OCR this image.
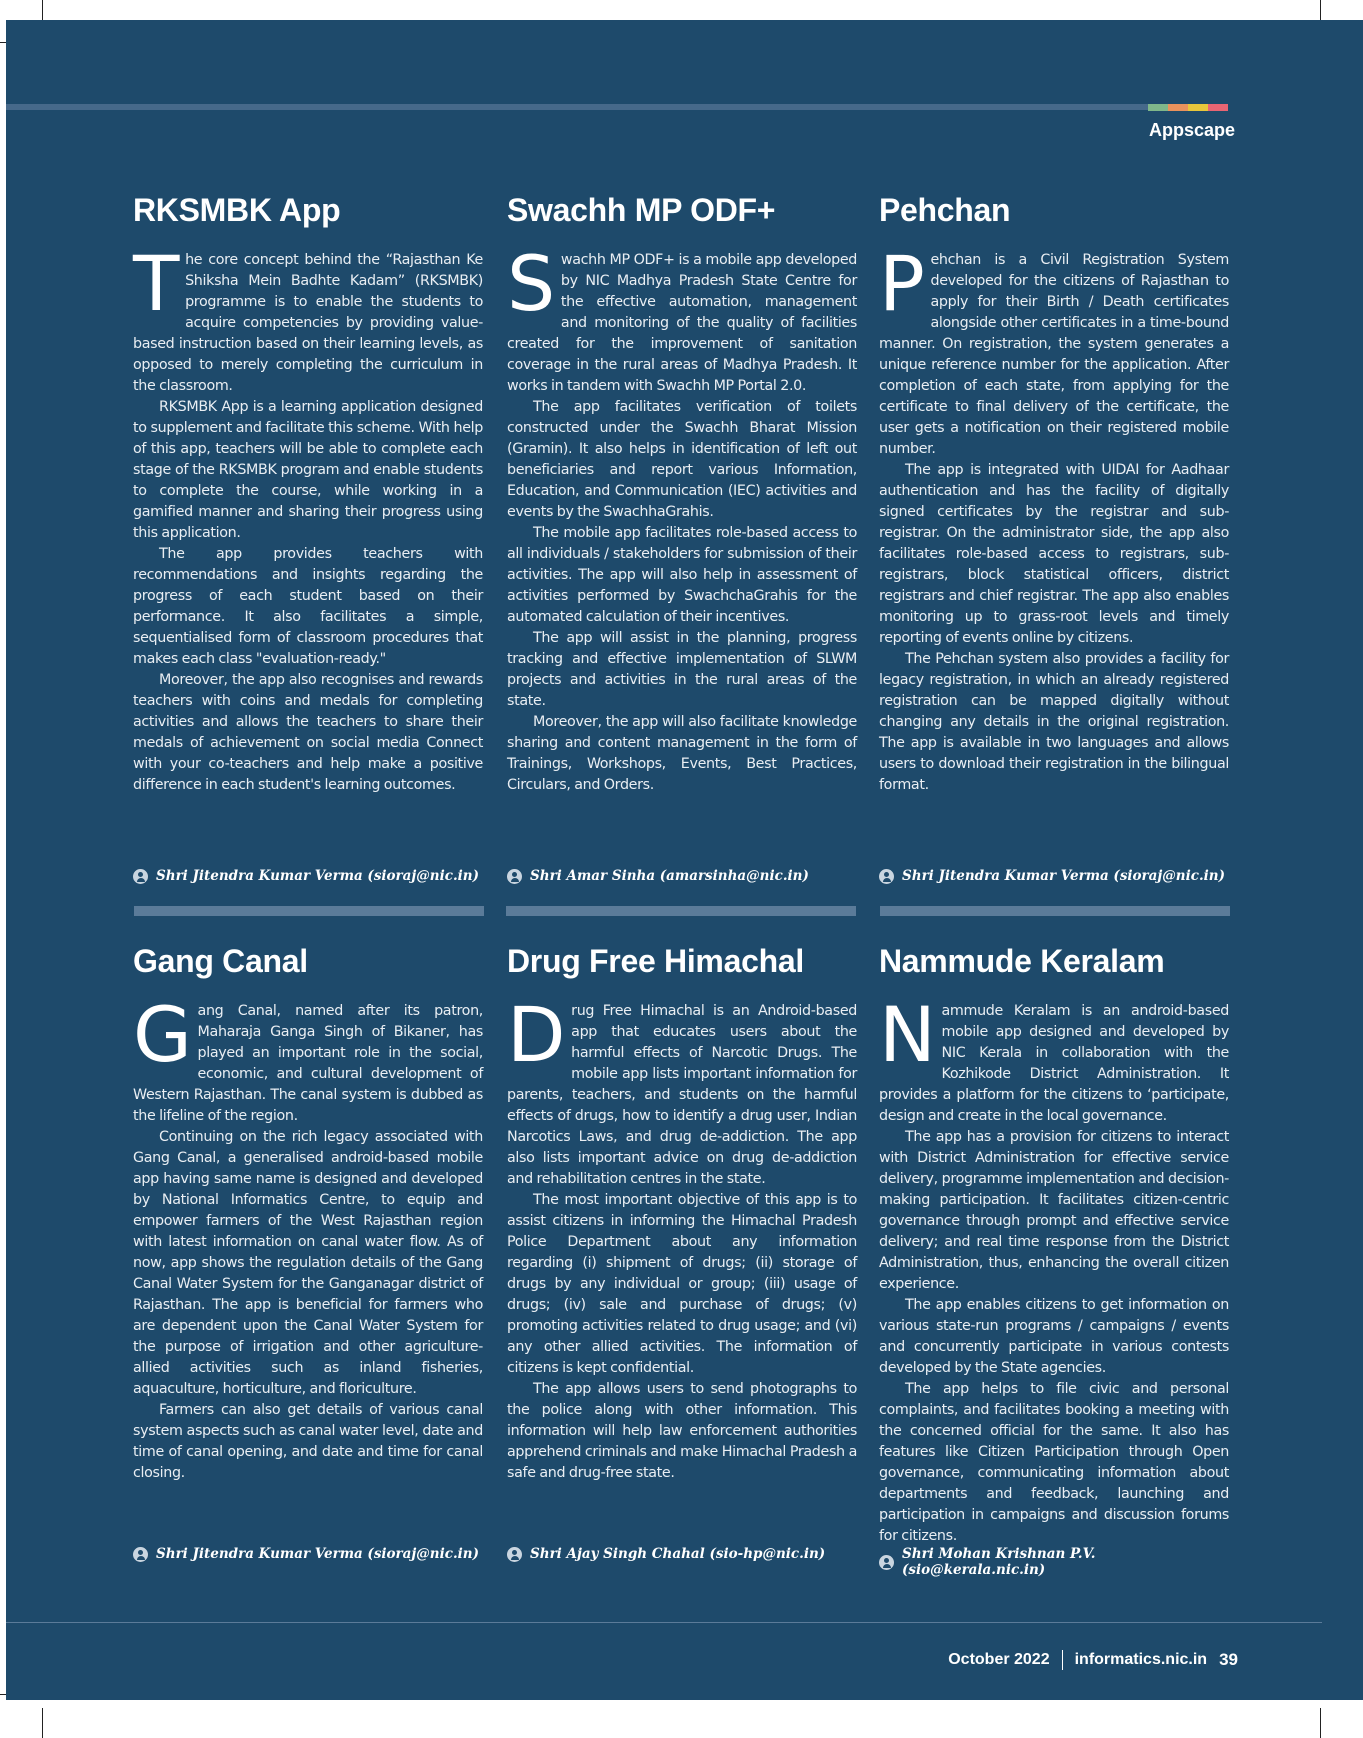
Appscape
RKSMBK App

The core concept behind the “Rajasthan Ke Shiksha Mein Badhte Kadam” (RKSMBK) programme is to enable the students to acquire competencies by providing value-based instruction based on their learning levels, as opposed to merely completing the curriculum in the classroom.

RKSMBK App is a learning application designed to supplement and facilitate this scheme. With help of this app, teachers will be able to complete each stage of the RKSMBK program and enable students to complete the course, while working in a gamified manner and sharing their progress using this application.

The app provides teachers with recommendations and insights regarding the progress of each student based on their performance. It also facilitates a simple, sequentialised form of classroom procedures that makes each class "evaluation-ready."

Moreover, the app also recognises and rewards teachers with coins and medals for completing activities and allows the teachers to share their medals of achievement on social media Connect with your co-teachers and help make a positive difference in each student's learning outcomes.

Swachh MP ODF+

Swachh MP ODF+ is a mobile app developed by NIC Madhya Pradesh State Centre for the effective automation, management and monitoring of the quality of facilities created for the improvement of sanitation coverage in the rural areas of Madhya Pradesh. It works in tandem with Swachh MP Portal 2.0.

The app facilitates verification of toilets constructed under the Swachh Bharat Mission (Gramin). It also helps in identification of left out beneficiaries and report various Information, Education, and Communication (IEC) activities and events by the SwachhaGrahis.

The mobile app facilitates role-based access to all individuals / stakeholders for submission of their activities. The app will also help in assessment of activities performed by SwachchaGrahis for the automated calculation of their incentives.

The app will assist in the planning, progress tracking and effective implementation of SLWM projects and activities in the rural areas of the state.

Moreover, the app will also facilitate knowledge sharing and content management in the form of Trainings, Workshops, Events, Best Practices, Circulars, and Orders.

Pehchan

Pehchan is a Civil Registration System developed for the citizens of Rajasthan to apply for their Birth / Death certificates alongside other certificates in a time-bound manner. On registration, the system generates a unique reference number for the application. After completion of each state, from applying for the certificate to final delivery of the certificate, the user gets a notification on their registered mobile number.

The app is integrated with UIDAI for Aadhaar authentication and has the facility of digitally signed certificates by the registrar and sub-registrar. On the administrator side, the app also facilitates role-based access to registrars, sub-registrars, block statistical officers, district registrars and chief registrar. The app also enables monitoring up to grass-root levels and timely reporting of events online by citizens.

The Pehchan system also provides a facility for legacy registration, in which an already registered registration can be mapped digitally without changing any details in the original registration. The app is available in two languages and allows users to download their registration in the bilingual format.

Shri Jitendra Kumar Verma (sioraj@nic.in)	Shri Amar Sinha (amarsinha@nic.in)	Shri Jitendra Kumar Verma (sioraj@nic.in)
Gang Canal

Gang Canal, named after its patron, Maharaja Ganga Singh of Bikaner, has played an important role in the social, economic, and cultural development of Western Rajasthan. The canal system is dubbed as the lifeline of the region.

Continuing on the rich legacy associated with Gang Canal, a generalised android-based mobile app having same name is designed and developed by National Informatics Centre, to equip and empower farmers of the West Rajasthan region with latest information on canal water flow. As of now, app shows the regulation details of the Gang Canal Water System for the Ganganagar district of Rajasthan. The app is beneficial for farmers who are dependent upon the Canal Water System for the purpose of irrigation and other agriculture-allied activities such as inland fisheries, aquaculture, horticulture, and floriculture.

Farmers can also get details of various canal system aspects such as canal water level, date and time of canal opening, and date and time for canal closing.

Drug Free Himachal

Drug Free Himachal is an Android-based app that educates users about the harmful effects of Narcotic Drugs. The mobile app lists important information for parents, teachers, and students on the harmful effects of drugs, how to identify a drug user, Indian Narcotics Laws, and drug de-addiction. The app also lists important advice on drug de-addiction and rehabilitation centres in the state.

The most important objective of this app is to assist citizens in informing the Himachal Pradesh Police Department about any information regarding (i) shipment of drugs; (ii) storage of drugs by any individual or group; (iii) usage of drugs; (iv) sale and purchase of drugs; (v) promoting activities related to drug usage; and (vi) any other allied activities. The information of citizens is kept confidential.

The app allows users to send photographs to the police along with other information. This information will help law enforcement authorities apprehend criminals and make Himachal Pradesh a safe and drug-free state.

Nammude Keralam

Nammude Keralam is an android-based mobile app designed and developed by NIC Kerala in collaboration with the Kozhikode District Administration. It provides a platform for the citizens to ‘participate, design and create in the local governance.

The app has a provision for citizens to interact with District Administration for effective service delivery, programme implementation and decision-making participation. It facilitates citizen-centric governance through prompt and effective service delivery; and real time response from the District Administration, thus, enhancing the overall citizen experience.

The app enables citizens to get information on various state-run programs / campaigns / events and concurrently participate in various contests developed by the State agencies.

The app helps to file civic and personal complaints, and facilitates booking a meeting with the concerned official for the same. It also has features like Citizen Participation through Open governance, communicating information about departments and feedback, launching and participation in campaigns and discussion forums for citizens.

Shri Jitendra Kumar Verma (sioraj@nic.in)	Shri Ajay Singh Chahal (sio-hp@nic.in)	Shri Mohan Krishnan P.V. (sio@kerala.nic.in)
October 2022 informatics.nic.in 39
